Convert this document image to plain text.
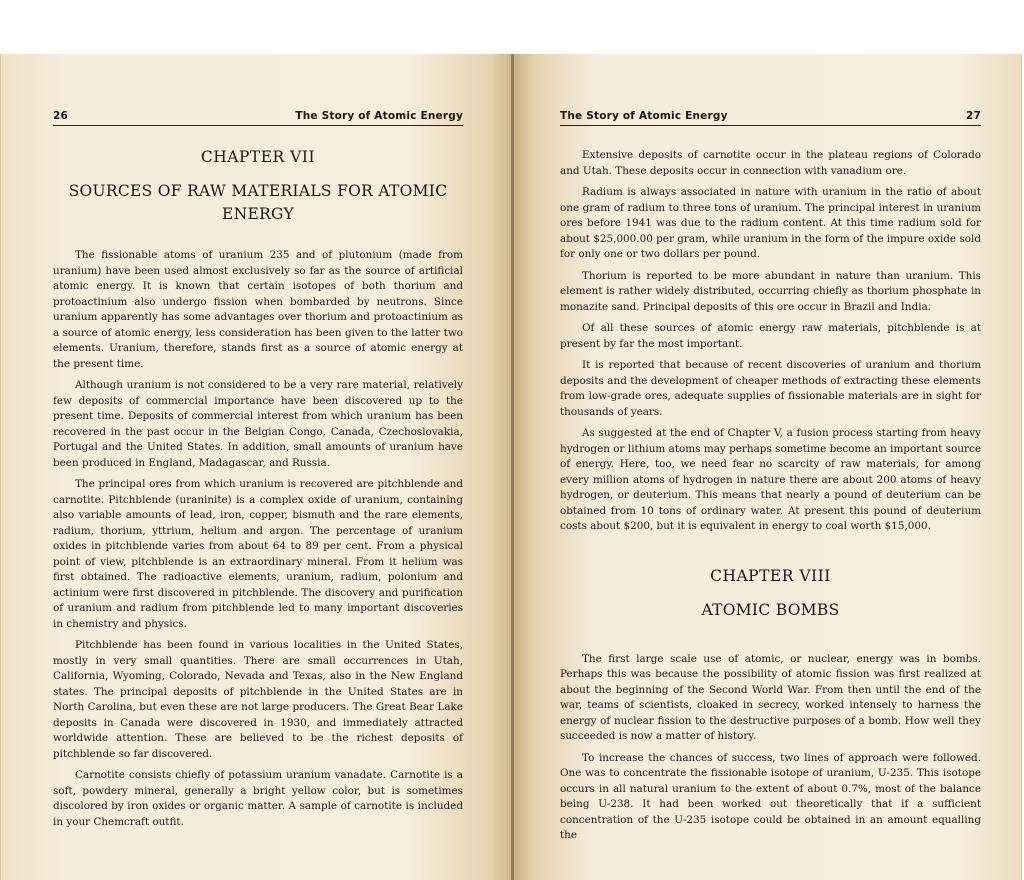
26	The Story of Atomic Energy
CHAPTER VII
SOURCES OF RAW MATERIALS FOR ATOMIC ENERGY

The fissionable atoms of uranium 235 and of plutonium (made from uranium) have been used almost exclusively so far as the source of artificial atomic energy. It is known that certain isotopes of both thorium and protoactinium also undergo fission when bombarded by neutrons. Since uranium apparently has some advantages over thorium and protoactinium as a source of atomic energy, less consideration has been given to the latter two elements. Uranium, therefore, stands first as a source of atomic energy at the present time.

Although uranium is not considered to be a very rare material, relatively few deposits of commercial importance have been discovered up to the present time. Deposits of commercial interest from which uranium has been recovered in the past occur in the Belgian Congo, Canada, Czechoslovakia, Portugal and the United States. In addition, small amounts of uranium have been produced in England, Madagascar, and Russia.

The principal ores from which uranium is recovered are pitchblende and carnotite. Pitchblende (uraninite) is a complex oxide of uranium, containing also variable amounts of lead, iron, copper, bismuth and the rare elements, radium, thorium, yttrium, helium and argon. The percentage of uranium oxides in pitchblende varies from about 64 to 89 per cent. From a physical point of view, pitchblende is an extraordinary mineral. From it helium was first obtained. The radioactive elements, uranium, radium, polonium and actinium were first discovered in pitchblende. The discovery and purification of uranium and radium from pitchblende led to many important discoveries in chemistry and physics.

Pitchblende has been found in various localities in the United States, mostly in very small quantities. There are small occurrences in Utah, California, Wyoming, Colorado, Nevada and Texas, also in the New England states. The principal deposits of pitchblende in the United States are in North Carolina, but even these are not large producers. The Great Bear Lake deposits in Canada were discovered in 1930, and immediately attracted worldwide attention. These are believed to be the richest deposits of pitchblende so far discovered.

Carnotite consists chiefly of potassium uranium vanadate. Carnotite is a soft, powdery mineral, generally a bright yellow color, but is sometimes discolored by iron oxides or organic matter. A sample of carnotite is included in your Chemcraft outfit.

The Story of Atomic Energy	27

Extensive deposits of carnotite occur in the plateau regions of Colorado and Utah. These deposits occur in connection with vanadium ore.

Radium is always associated in nature with uranium in the ratio of about one gram of radium to three tons of uranium. The principal interest in uranium ores before 1941 was due to the radium content. At this time radium sold for about $25,000.00 per gram, while uranium in the form of the impure oxide sold for only one or two dollars per pound.

Thorium is reported to be more abundant in nature than uranium. This element is rather widely distributed, occurring chiefly as thorium phosphate in monazite sand. Principal deposits of this ore occur in Brazil and India.

Of all these sources of atomic energy raw materials, pitchblende is at present by far the most important.

It is reported that because of recent discoveries of uranium and thorium deposits and the development of cheaper methods of extracting these elements from low-grade ores, adequate supplies of fissionable materials are in sight for thousands of years.

As suggested at the end of Chapter V, a fusion process starting from heavy hydrogen or lithium atoms may perhaps sometime become an important source of energy. Here, too, we need fear no scarcity of raw materials, for among every million atoms of hydrogen in nature there are about 200 atoms of heavy hydrogen, or deuterium. This means that nearly a pound of deuterium can be obtained from 10 tons of ordinary water. At present this pound of deuterium costs about $200, but it is equivalent in energy to coal worth $15,000.

CHAPTER VIII
ATOMIC BOMBS

The first large scale use of atomic, or nuclear, energy was in bombs. Perhaps this was because the possibility of atomic fission was first realized at about the beginning of the Second World War. From then until the end of the war, teams of scientists, cloaked in secrecy, worked intensely to harness the energy of nuclear fission to the destructive purposes of a bomb. How well they succeeded is now a matter of history.

To increase the chances of success, two lines of approach were followed. One was to concentrate the fissionable isotope of uranium, U-235. This isotope occurs in all natural uranium to the extent of about 0.7%, most of the balance being U-238. It had been worked out theoretically that if a sufficient concentration of the U-235 isotope could be obtained in an amount equalling the
